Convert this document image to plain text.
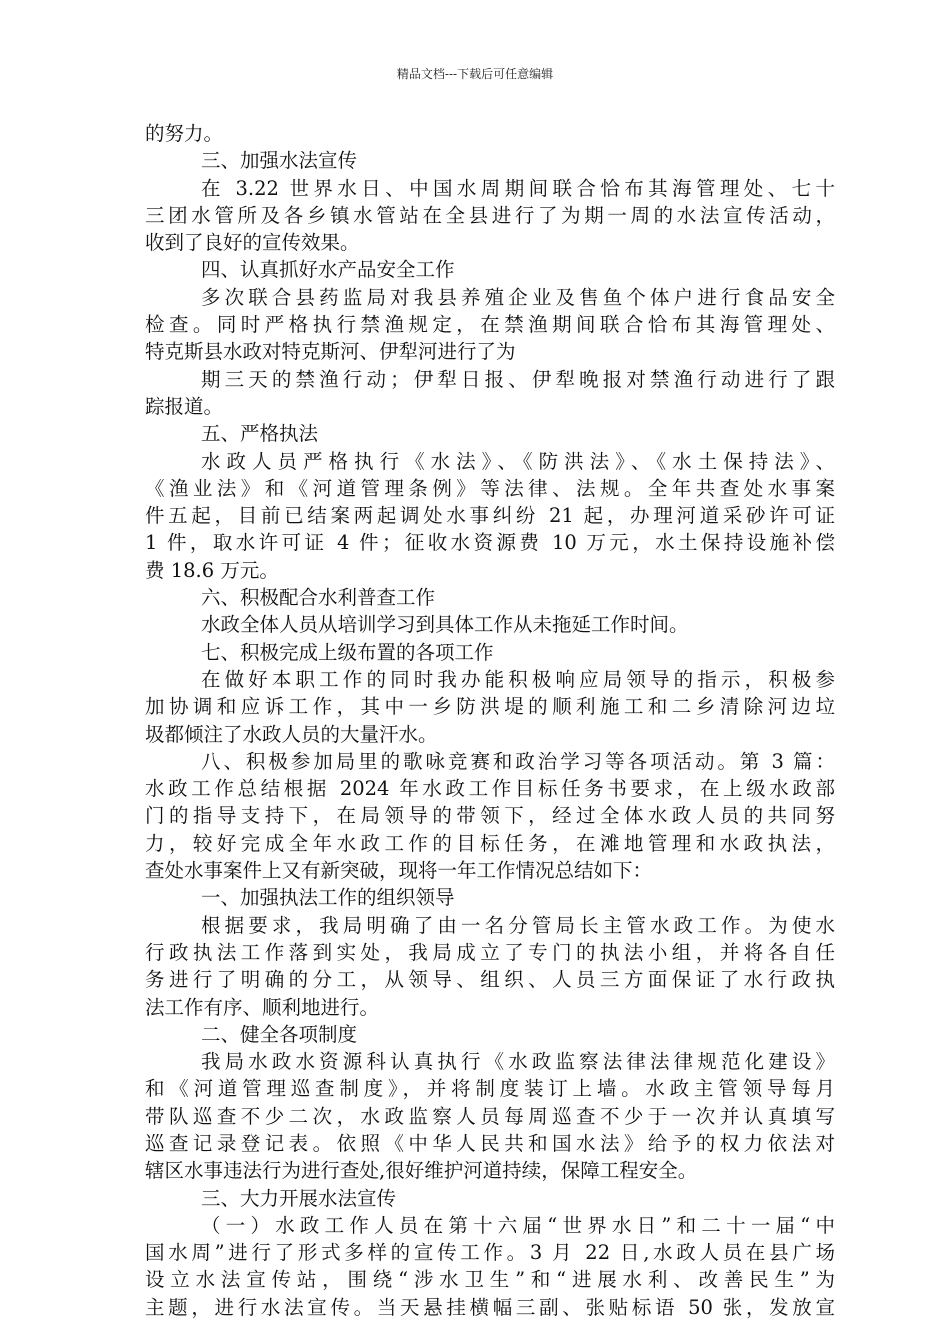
精品文档---下载后可任意编辑
的努力。
三、加强水法宣传
在 3.22 世界水日、中国水周期间联合恰布其海管理处、七十
三团水管所及各乡镇水管站在全县进行了为期一周的水法宣传活动，
收到了良好的宣传效果。
四、认真抓好水产品安全工作
多次联合县药监局对我县养殖企业及售鱼个体户进行食品安全
检查。同时严格执行禁渔规定，在禁渔期间联合恰布其海管理处、
特克斯县水政对特克斯河、伊犁河进行了为
期三天的禁渔行动；伊犁日报、伊犁晚报对禁渔行动进行了跟
踪报道。
五、严格执法
水政人员严格执行《水法》、《防洪法》、《水土保持法》、
《渔业法》和《河道管理条例》等法律、法规。全年共查处水事案
件五起，目前已结案两起调处水事纠纷 21 起，办理河道采砂许可证
1 件，取水许可证 4 件；征收水资源费 10 万元，水土保持设施补偿
费 18.6 万元。
六、积极配合水利普查工作
水政全体人员从培训学习到具体工作从未拖延工作时间。
七、积极完成上级布置的各项工作
在做好本职工作的同时我办能积极响应局领导的指示，积极参
加协调和应诉工作，其中一乡防洪堤的顺利施工和二乡清除河边垃
圾都倾注了水政人员的大量汗水。
八、积极参加局里的歌咏竞赛和政治学习等各项活动。第 3 篇：
水政工作总结根据 2024 年水政工作目标任务书要求，在上级水政部
门的指导支持下，在局领导的带领下，经过全体水政人员的共同努
力，较好完成全年水政工作的目标任务，在滩地管理和水政执法，
查处水事案件上又有新突破，现将一年工作情况总结如下：
一、加强执法工作的组织领导
根据要求，我局明确了由一名分管局长主管水政工作。为使水
行政执法工作落到实处，我局成立了专门的执法小组，并将各自任
务进行了明确的分工，从领导、组织、人员三方面保证了水行政执
法工作有序、顺利地进行。
二、健全各项制度
我局水政水资源科认真执行《水政监察法律法律规范化建设》
和《河道管理巡查制度》，并将制度装订上墙。水政主管领导每月
带队巡查不少二次，水政监察人员每周巡查不少于一次并认真填写
巡查记录登记表。依照《中华人民共和国水法》给予的权力依法对
辖区水事违法行为进行查处,很好维护河道持续，保障工程安全。
三、大力开展水法宣传
（一）水政工作人员在第十六届“世界水日”和二十一届“中
国水周”进行了形式多样的宣传工作。3 月 22 日,水政人员在县广场
设立水法宣传站，围绕“涉水卫生”和“进展水利、改善民生”为
主题，进行水法宣传。当天悬挂横幅三副、张贴标语 50 张，发放宣
